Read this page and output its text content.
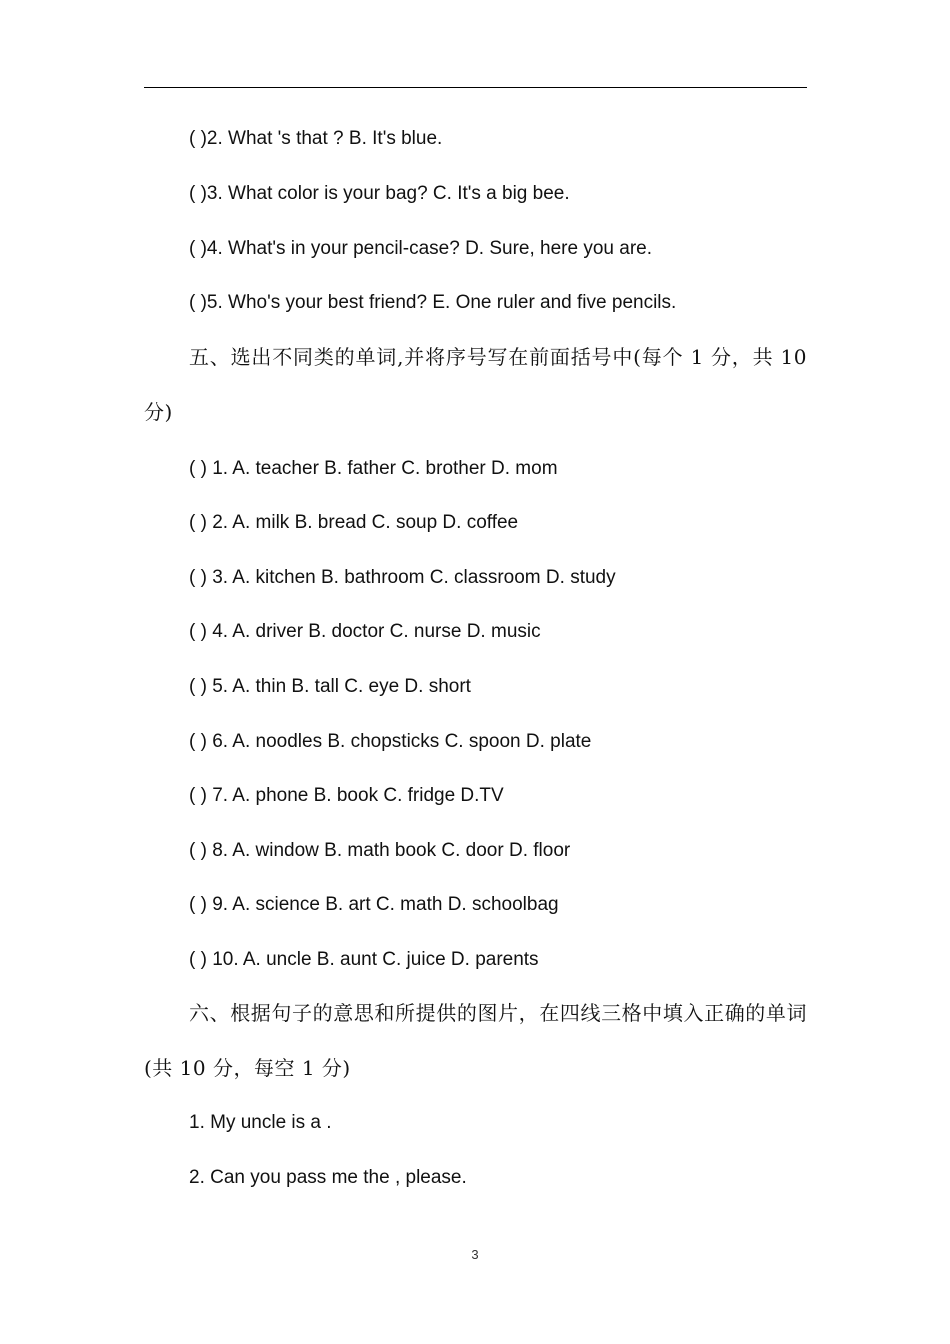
( )2. What 's that ? B. It's blue.
( )3. What color is your bag? C. It's a big bee.
( )4. What's in your pencil-case? D. Sure, here you are.
( )5. Who's your best friend? E. One ruler and five pencils.
五、选出不同类的单词,并将序号写在前面括号中(每个 1 分，共 10 分)
( ) 1. A. teacher B. father C. brother D. mom
( ) 2. A. milk B. bread C. soup D. coffee
( ) 3. A. kitchen B. bathroom C. classroom D. study
( ) 4. A. driver B. doctor C. nurse D. music
( ) 5. A. thin B. tall C. eye D. short
( ) 6. A. noodles B. chopsticks C. spoon D. plate
( ) 7. A. phone B. book C. fridge D.TV
( ) 8. A. window B. math book C. door D. floor
( ) 9. A. science B. art C. math D. schoolbag
( ) 10. A. uncle B. aunt C. juice D. parents
六、根据句子的意思和所提供的图片，在四线三格中填入正确的单词(共 10 分，每空 1 分)
1. My uncle is a .
2. Can you pass me the , please.
3
